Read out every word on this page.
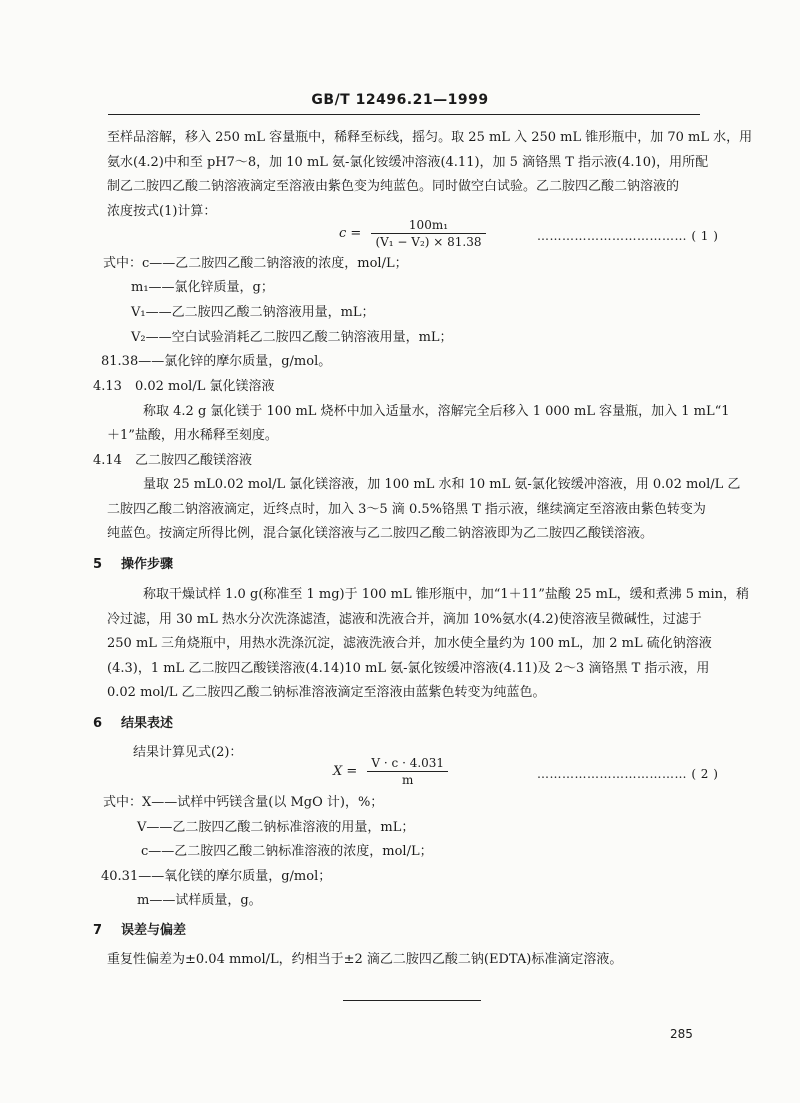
GB/T 12496.21—1999
至样品溶解，移入 250 mL 容量瓶中，稀释至标线，摇匀。取 25 mL 入 250 mL 锥形瓶中，加 70 mL 水，用
氨水(4.2)中和至 pH7～8，加 10 mL 氨-氯化铵缓冲溶液(4.11)，加 5 滴铬黑 T 指示液(4.10)，用所配
制乙二胺四乙酸二钠溶液滴定至溶液由紫色变为纯蓝色。同时做空白试验。乙二胺四乙酸二钠溶液的
浓度按式(1)计算：
$c = \frac{\text{100m₁}}{\text{(V₁ − V₂) × 81.38}}$	……………………………… ( 1 )
式中：c——乙二胺四乙酸二钠溶液的浓度，mol/L；
m₁——氯化锌质量，g；
V₁——乙二胺四乙酸二钠溶液用量，mL；
V₂——空白试验消耗乙二胺四乙酸二钠溶液用量，mL；
81.38——氯化锌的摩尔质量，g/mol。
4.13　0.02 mol/L 氯化镁溶液
称取 4.2 g 氯化镁于 100 mL 烧杯中加入适量水，溶解完全后移入 1 000 mL 容量瓶，加入 1 mL“1
＋1”盐酸，用水稀释至刻度。
4.14　乙二胺四乙酸镁溶液
量取 25 mL0.02 mol/L 氯化镁溶液，加 100 mL 水和 10 mL 氨-氯化铵缓冲溶液，用 0.02 mol/L 乙
二胺四乙酸二钠溶液滴定，近终点时，加入 3～5 滴 0.5%铬黑 T 指示液，继续滴定至溶液由紫色转变为
纯蓝色。按滴定所得比例，混合氯化镁溶液与乙二胺四乙酸二钠溶液即为乙二胺四乙酸镁溶液。
5 操作步骤
称取干燥试样 1.0 g(称准至 1 mg)于 100 mL 锥形瓶中，加“1＋11”盐酸 25 mL，缓和煮沸 5 min，稍
冷过滤，用 30 mL 热水分次洗涤滤渣，滤液和洗液合并，滴加 10%氨水(4.2)使溶液呈微碱性，过滤于
250 mL 三角烧瓶中，用热水洗涤沉淀，滤液洗液合并，加水使全量约为 100 mL，加 2 mL 硫化钠溶液
(4.3)，1 mL 乙二胺四乙酸镁溶液(4.14)10 mL 氨-氯化铵缓冲溶液(4.11)及 2～3 滴铬黑 T 指示液，用
0.02 mol/L 乙二胺四乙酸二钠标准溶液滴定至溶液由蓝紫色转变为纯蓝色。
6 结果表述
结果计算见式(2)：
$X = \frac{V \cdot c \cdot 4.031}{m}$	……………………………… ( 2 )
式中：X——试样中钙镁含量(以 MgO 计)，%；
V——乙二胺四乙酸二钠标准溶液的用量，mL；
c——乙二胺四乙酸二钠标准溶液的浓度，mol/L；
40.31——氧化镁的摩尔质量，g/mol；
m——试样质量，g。
7 误差与偏差
重复性偏差为±0.04 mmol/L，约相当于±2 滴乙二胺四乙酸二钠(EDTA)标准滴定溶液。
285
